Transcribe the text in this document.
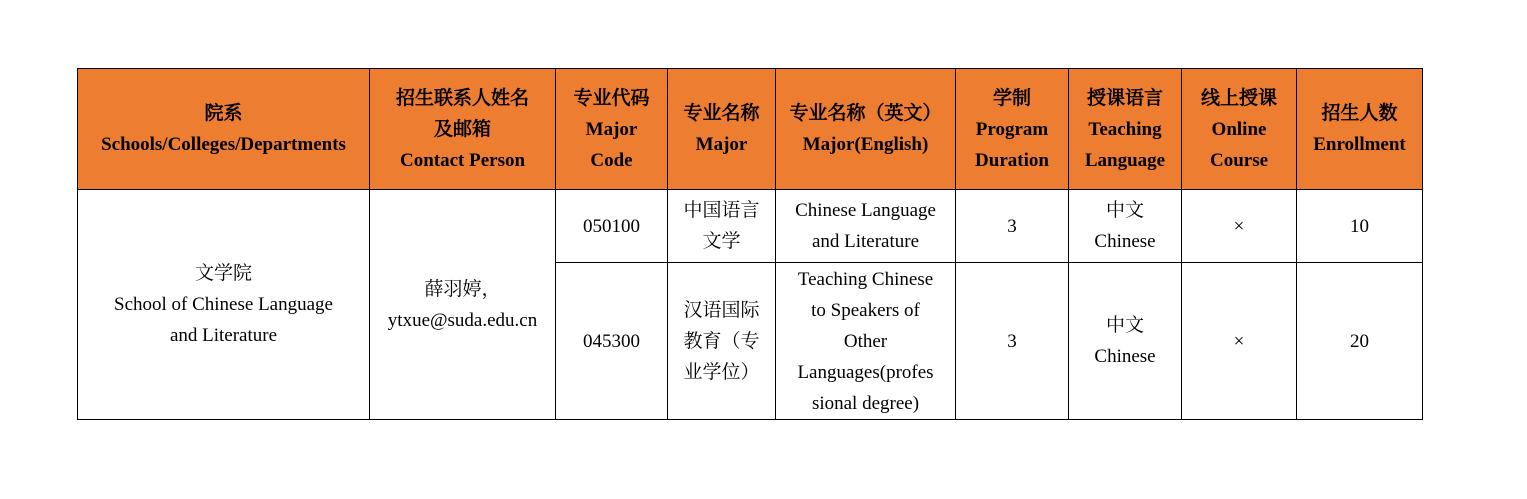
院系
Schools/Colleges/Departments	招生联系人姓名
及邮箱
Contact Person	专业代码
Major
Code	专业名称
Major	专业名称（英文）
Major(English)	学制
Program
Duration	授课语言
Teaching
Language	线上授课
Online
Course	招生人数
Enrollment

文学院
School of Chinese Language
and Literature	薛羽婷，
ytxue@suda.edu.cn	050100	中国语言
文学	Chinese Language
and Literature	3	中文
Chinese	×	10
		045300	汉语国际
教育（专
业学位）	Teaching Chinese
to Speakers of
Other
Languages(profes
sional degree)	3	中文
Chinese	×	20
